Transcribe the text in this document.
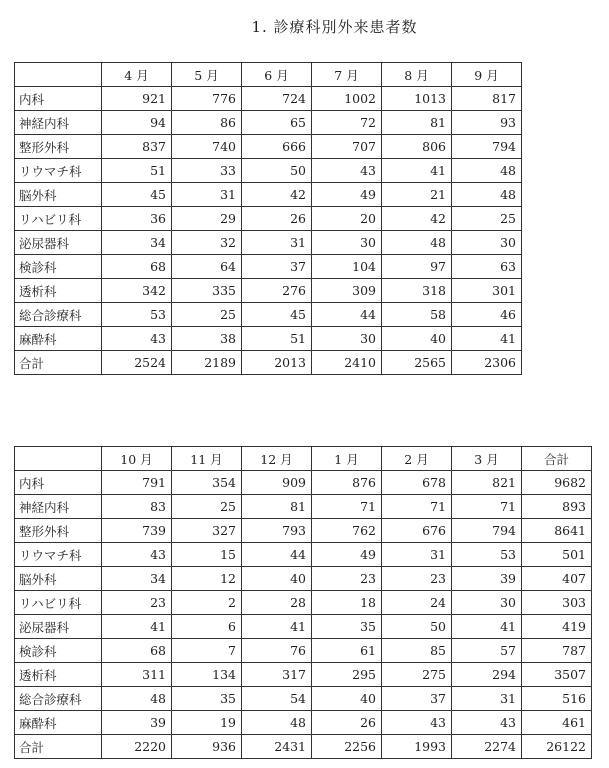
1. 診療科別外来患者数
	4 月	5 月	6 月	7 月	8 月	9 月
内科	921	776	724	1002	1013	817
神経内科	94	86	65	72	81	93
整形外科	837	740	666	707	806	794
リウマチ科	51	33	50	43	41	48
脳外科	45	31	42	49	21	48
リハビリ科	36	29	26	20	42	25
泌尿器科	34	32	31	30	48	30
検診科	68	64	37	104	97	63
透析科	342	335	276	309	318	301
総合診療科	53	25	45	44	58	46
麻酔科	43	38	51	30	40	41
合計	2524	2189	2013	2410	2565	2306
	10 月	11 月	12 月	1 月	2 月	3 月	合計
内科	791	354	909	876	678	821	9682
神経内科	83	25	81	71	71	71	893
整形外科	739	327	793	762	676	794	8641
リウマチ科	43	15	44	49	31	53	501
脳外科	34	12	40	23	23	39	407
リハビリ科	23	2	28	18	24	30	303
泌尿器科	41	6	41	35	50	41	419
検診科	68	7	76	61	85	57	787
透析科	311	134	317	295	275	294	3507
総合診療科	48	35	54	40	37	31	516
麻酔科	39	19	48	26	43	43	461
合計	2220	936	2431	2256	1993	2274	26122
